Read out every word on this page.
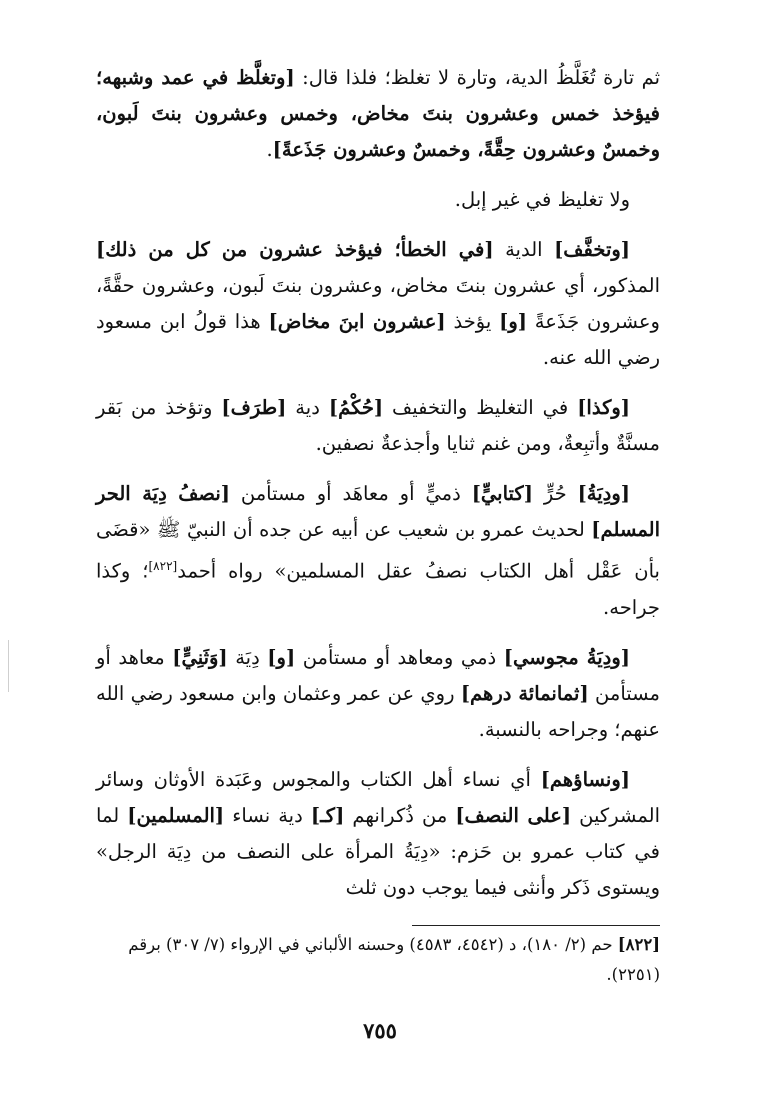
ثم تارة تُغَلَّظُ الدية، وتارة لا تغلظ؛ فلذا قال: [وتغلَّظ في عمد وشبهه؛ فيؤخذ خمس وعشرون بنتَ مخاض، وخمس وعشرون بنتَ لَبون، وخمسٌ وعشرون حِقَّةً، وخمسٌ وعشرون جَذَعةً].

ولا تغليظ في غير إبل.

[وتخفَّف] الدية [في الخطأ؛ فيؤخذ عشرون من كل من ذلك] المذكور، أي عشرون بنتَ مخاض، وعشرون بنتَ لَبون، وعشرون حقَّةً، وعشرون جَذَعةً [و] يؤخذ [عشرون ابنَ مخاض] هذا قولُ ابن مسعود رضي الله عنه.

[وكذا] في التغليظ والتخفيف [حُكْمُ] دية [طرَف] وتؤخذ من بَقر مسنَّةٌ وأتبِعةٌ، ومن غنم ثنايا وأجذعةٌ نصفين.

[ودِيَةُ] حُرٍّ [كتابيٍّ] ذميٍّ أو معاهَد أو مستأمن [نصفُ دِيَة الحر المسلم] لحديث عمرو بن شعيب عن أبيه عن جده أن النبيّ ﷺ «قضَى بأن عَقْل أهل الكتاب نصفُ عقل المسلمين» رواه أحمد[٨٢٢]؛ وكذا جراحه.

[ودِيَةُ مجوسي] ذمي ومعاهد أو مستأمن [و] دِيَة [وَثَنِيٍّ] معاهد أو مستأمن [ثمانمائة درهم] روي عن عمر وعثمان وابن مسعود رضي الله عنهم؛ وجراحه بالنسبة.

[ونساؤهم] أي نساء أهل الكتاب والمجوس وعَبَدة الأوثان وسائر المشركين [على النصف] من ذُكرانهم [كـ] دية نساء [المسلمين] لما في كتاب عمرو بن حَزم: «دِيَةُ المرأة على النصف من دِيَة الرجل» ويستوى ذَكر وأنثى فيما يوجب دون ثلث

[٨٢٢] حم (٢/ ١٨٠)، د (٤٥٤٢، ٤٥٨٣) وحسنه الألباني في الإرواء (٧/ ٣٠٧) برقم (٢٢٥١).
٧٥٥
